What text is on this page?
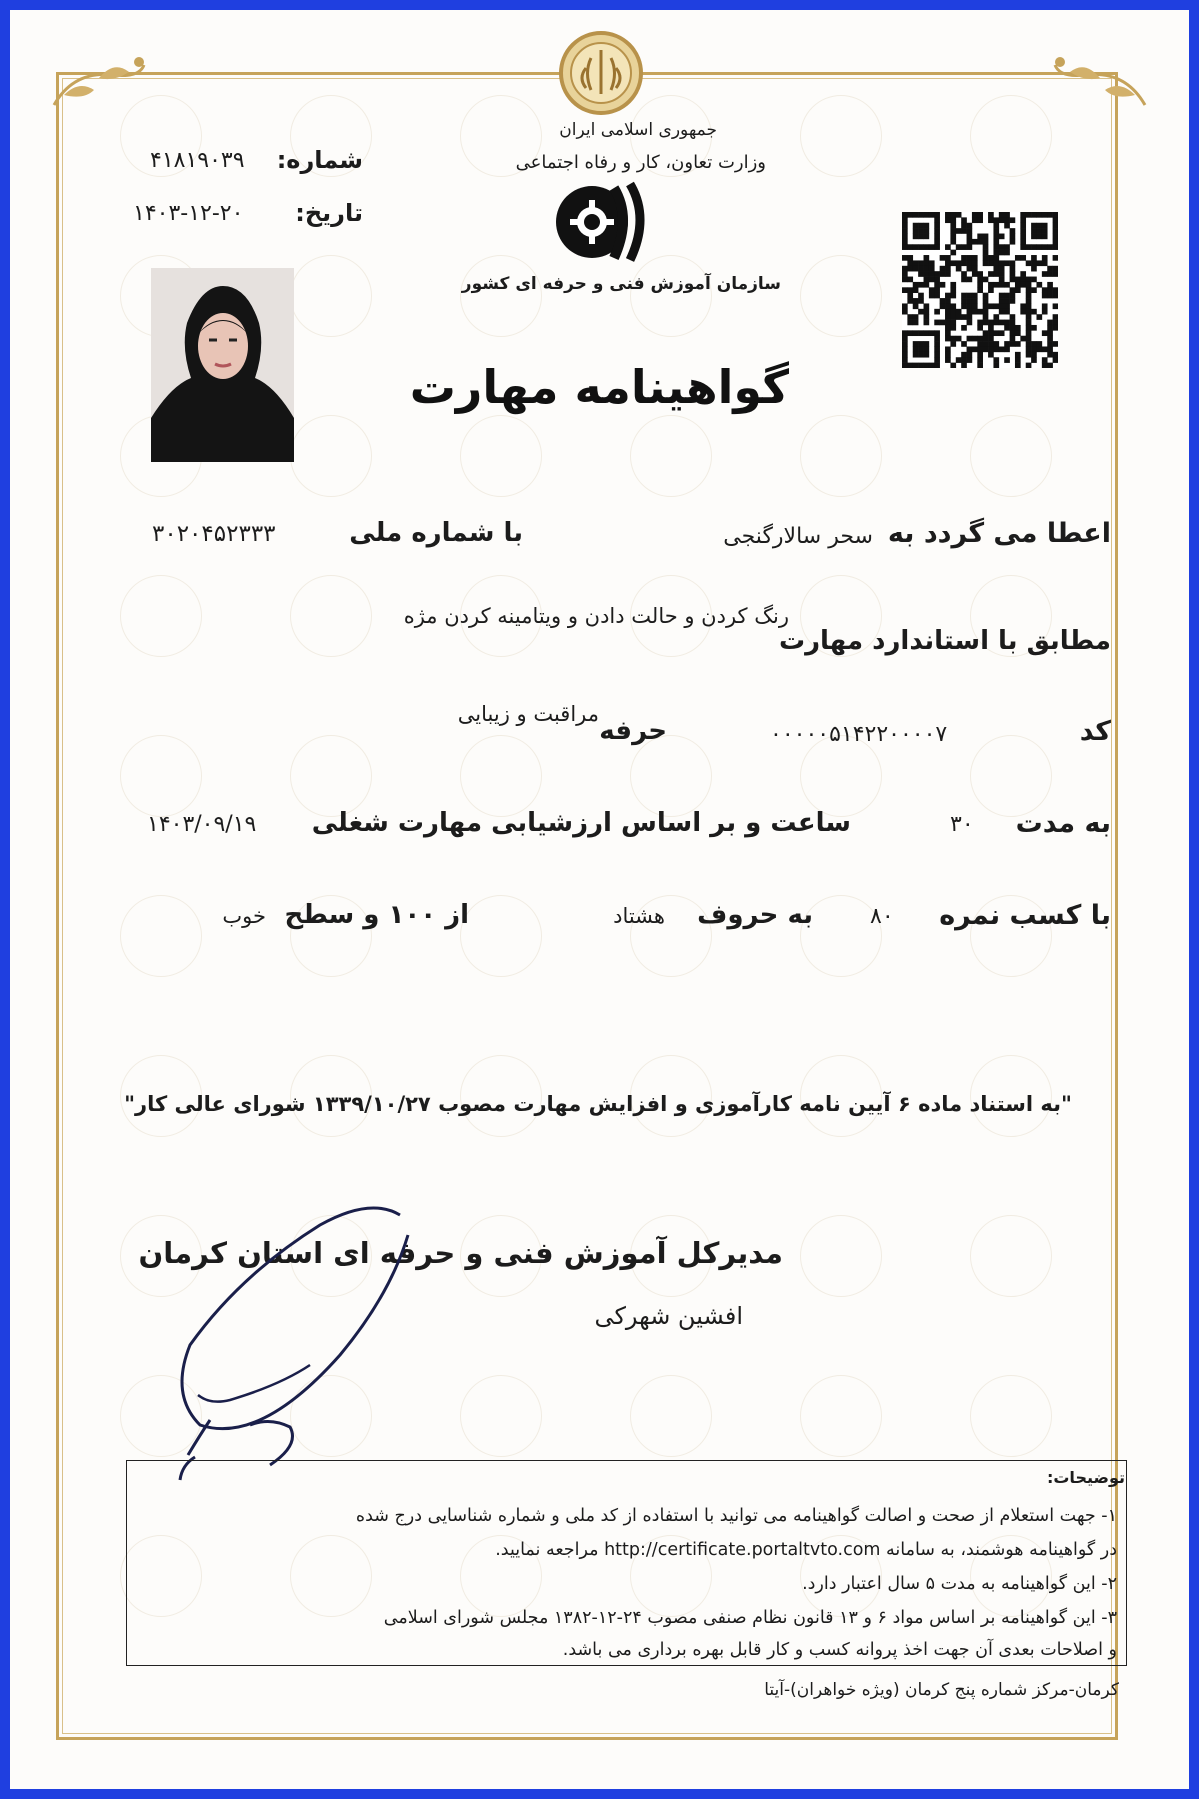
جمهوری اسلامی ایران
وزارت تعاون، کار و رفاه اجتماعی
سازمان آموزش فنی و حرفه ای کشور
شماره:
۴۱۸۱۹۰۳۹
تاریخ:
۱۴۰۳-۱۲-۲۰
گواهینامه مهارت
اعطا می گردد به
سحر سالارگنجی
با شماره ملی
۳۰۲۰۴۵۲۳۳۳
مطابق با استاندارد مهارت
رنگ کردن و حالت دادن و ویتامینه کردن مژه
کد
۰۰۰۰۰۵۱۴۲۲۰۰۰۰۷
حرفه
مراقبت و زیبایی
به مدت
۳۰
ساعت و بر اساس ارزشیابی مهارت شغلی
۱۴۰۳/۰۹/۱۹
با کسب نمره
۸۰
به حروف
هشتاد
از ۱۰۰ و سطح
خوب
"به استناد ماده ۶ آیین نامه کارآموزی و افزایش مهارت مصوب ۱۳۳۹/۱۰/۲۷ شورای عالی کار"
مدیرکل آموزش فنی و حرفه ای استان کرمان
افشین شهرکی
توضیحات:
۱- جهت استعلام از صحت و اصالت گواهینامه می توانید با استفاده از کد ملی و شماره شناسایی درج شده
در گواهینامه هوشمند، به سامانه http://certificate.portaltvto.com مراجعه نمایید.
۲- این گواهینامه به مدت ۵ سال اعتبار دارد.
۳- این گواهینامه بر اساس مواد ۶ و ۱۳ قانون نظام صنفی مصوب ۲۴-۱۲-۱۳۸۲ مجلس شورای اسلامی
و اصلاحات بعدی آن جهت اخذ پروانه کسب و کار قابل بهره برداری می باشد.
کرمان-مرکز شماره پنج کرمان (ویژه خواهران)-آیتا
